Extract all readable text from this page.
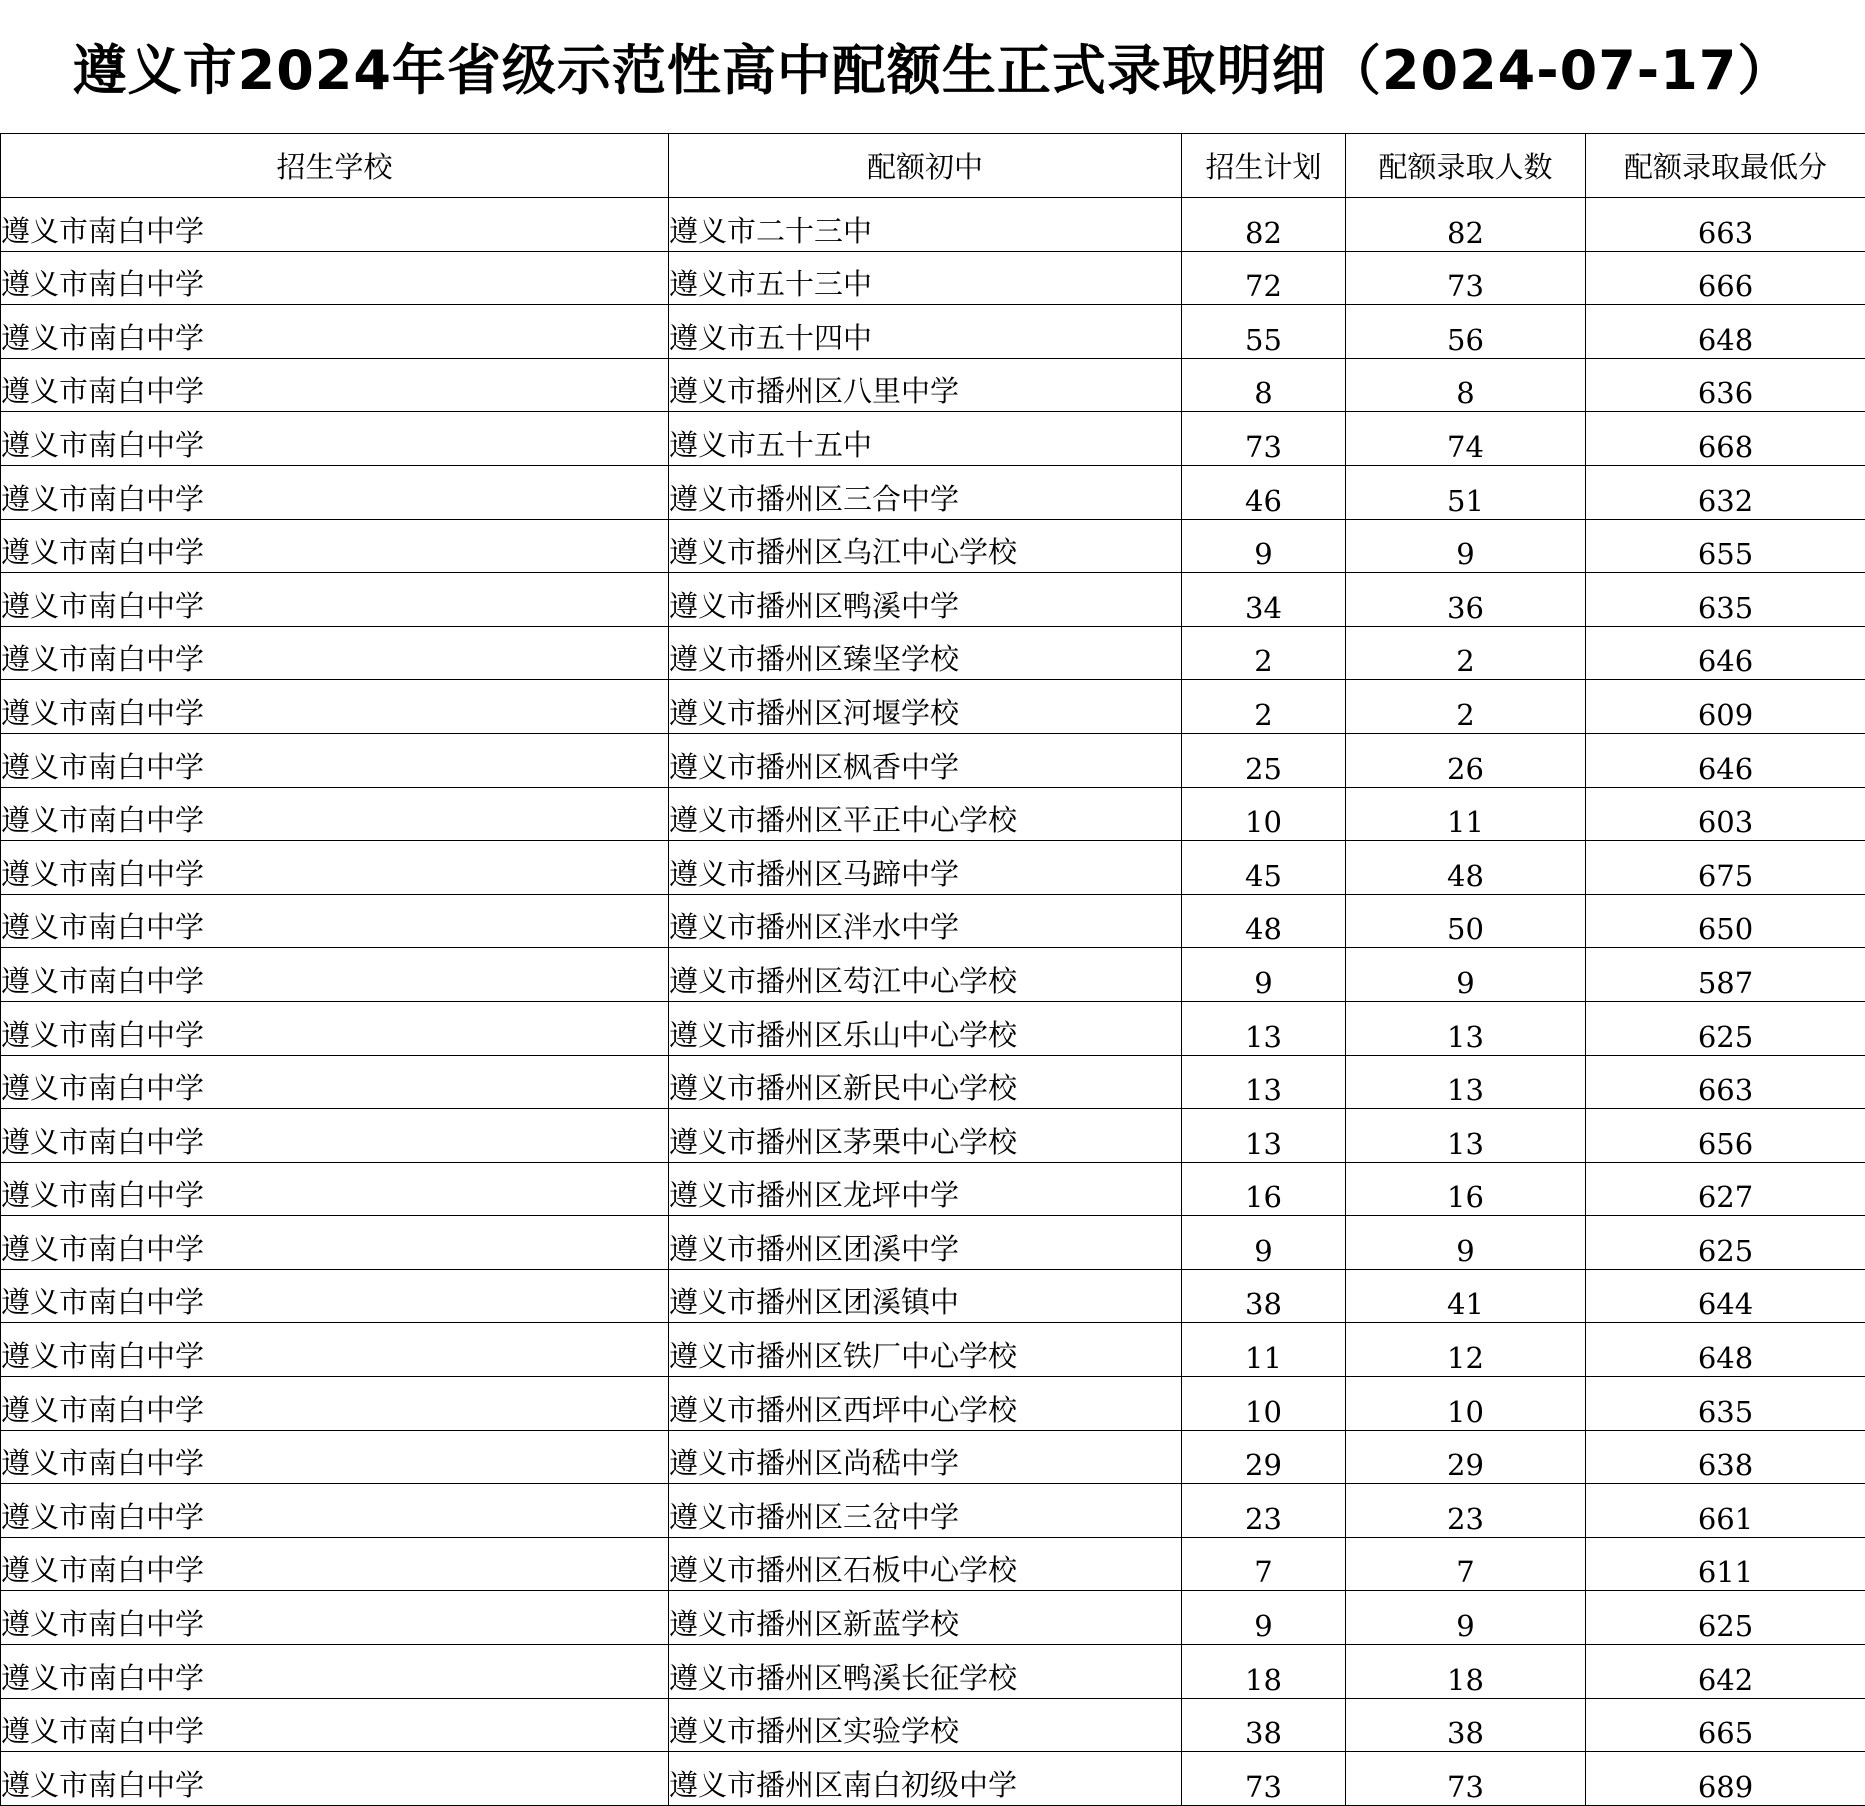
遵义市2024年省级示范性高中配额生正式录取明细（2024-07-17）
招生学校	配额初中	招生计划	配额录取人数	配额录取最低分
遵义市南白中学	遵义市二十三中	82	82	663
遵义市南白中学	遵义市五十三中	72	73	666
遵义市南白中学	遵义市五十四中	55	56	648
遵义市南白中学	遵义市播州区八里中学	8	8	636
遵义市南白中学	遵义市五十五中	73	74	668
遵义市南白中学	遵义市播州区三合中学	46	51	632
遵义市南白中学	遵义市播州区乌江中心学校	9	9	655
遵义市南白中学	遵义市播州区鸭溪中学	34	36	635
遵义市南白中学	遵义市播州区臻坚学校	2	2	646
遵义市南白中学	遵义市播州区河堰学校	2	2	609
遵义市南白中学	遵义市播州区枫香中学	25	26	646
遵义市南白中学	遵义市播州区平正中心学校	10	11	603
遵义市南白中学	遵义市播州区马蹄中学	45	48	675
遵义市南白中学	遵义市播州区泮水中学	48	50	650
遵义市南白中学	遵义市播州区芶江中心学校	9	9	587
遵义市南白中学	遵义市播州区乐山中心学校	13	13	625
遵义市南白中学	遵义市播州区新民中心学校	13	13	663
遵义市南白中学	遵义市播州区茅栗中心学校	13	13	656
遵义市南白中学	遵义市播州区龙坪中学	16	16	627
遵义市南白中学	遵义市播州区团溪中学	9	9	625
遵义市南白中学	遵义市播州区团溪镇中	38	41	644
遵义市南白中学	遵义市播州区铁厂中心学校	11	12	648
遵义市南白中学	遵义市播州区西坪中心学校	10	10	635
遵义市南白中学	遵义市播州区尚嵇中学	29	29	638
遵义市南白中学	遵义市播州区三岔中学	23	23	661
遵义市南白中学	遵义市播州区石板中心学校	7	7	611
遵义市南白中学	遵义市播州区新蓝学校	9	9	625
遵义市南白中学	遵义市播州区鸭溪长征学校	18	18	642
遵义市南白中学	遵义市播州区实验学校	38	38	665
遵义市南白中学	遵义市播州区南白初级中学	73	73	689
